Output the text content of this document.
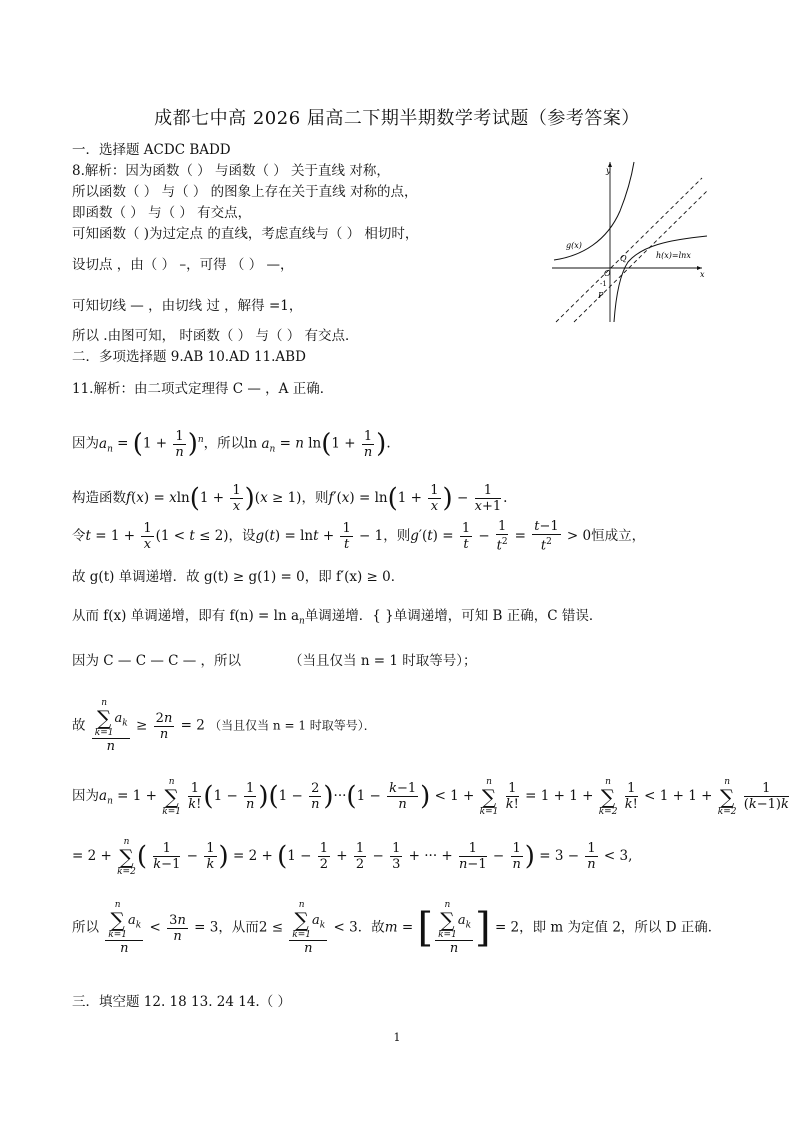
成都七中高 2026 届高二下期半期数学考试题（参考答案）
一．选择题 ACDC BADD
8.解析：因为函数（ ） 与函数（ ） 关于直线 对称，
所以函数（ ） 与（ ） 的图象上存在关于直线 对称的点，
即函数（ ） 与（ ） 有交点，
可知函数（ )为过定点 的直线，考虑直线与（ ） 相切时，
设切点 ，由（ ） –，可得 （ ） —，
可知切线 — ，由切线 过 ，解得 =1，
所以 .由图可知， 时函数（ ） 与（ ） 有交点．
y
x
g(x)
h(x)=lnx
O
Q
P
-1
二．多项选择题 9.AB 10.AD 11.ABD
11.解析：由二项式定理得 C — ，A 正确．
因为$a_n = (1 + \frac{1}{n} )^n$，所以$\ln a_n = n$ $\ln(1 + \frac{1}{n}$ ).
构造函数$f(x) = xln(1 + \frac{1}{x} )(x \ge 1)$，则$f'(x) = \ln(1 + \frac{1}{x}$ ) − $\frac{1}{x+1}$ .
令$t = 1 + \frac{1}{x} (1 < t \le 2)$，设$g(t) = \ln t + \frac{1}{t} - 1$，则$g'(t) = \frac{1}{t} - \frac{1}{t^2} = \frac{t-1}{t^2} > 0$恒成立，
故 g(t) 单调递增．故 g(t) ≥ g(1) = 0，即 f′(x) ≥ 0．
从而 f(x) 单调递增，即有 $f(n) = \ln a_n$单调递增．{ }单调递增，可知 B 正确，C 错误．
因为 C — C — C — ，所以	（当且仅当 n = 1 时取等号）；
故 n
∑
k=1
$a_k$
$n \ge \frac{2n}{n} = 2$ （当且仅当 n = 1 时取等号）．
因为$a_n = 1$ +
n
∑
k=1
$\frac{1}{k!} (1 - \frac{1}{n} )(1 - \frac{2}{n} )\cdot\cdot\cdot(1 - \frac{k-1}{n}$ ) < 1 +
n
∑
k=1
$\frac{1}{k!} = 1 + 1$ +
n
∑
k=2
$\frac{1}{k!} < 1 + 1$ +
n
∑
k=2
$\frac{1}{(k-1)k}$
= 2 +
n
∑
k=2 ( $\frac{1}{k-1} - \frac{1}{k}$ ) = $2 + (1 - \frac{1}{2} + \frac{1}{2} - \frac{1}{3}$ + ··· + $\frac{1}{n-1} - \frac{1}{n}$ ) = $3 - \frac{1}{n} < 3$,
所以 n
∑
k=1
$a_k$
$n < \frac{3n}{n} = 3$，从而2 ≤ n
∑
k=1
$a_k$
n < 3．故m = [ n
∑
k=1
$a_k$
n ] = 2，即 m 为定值 2，所以 D 正确．
三．填空题 12. 18 13. 24 14.（ ）
1
